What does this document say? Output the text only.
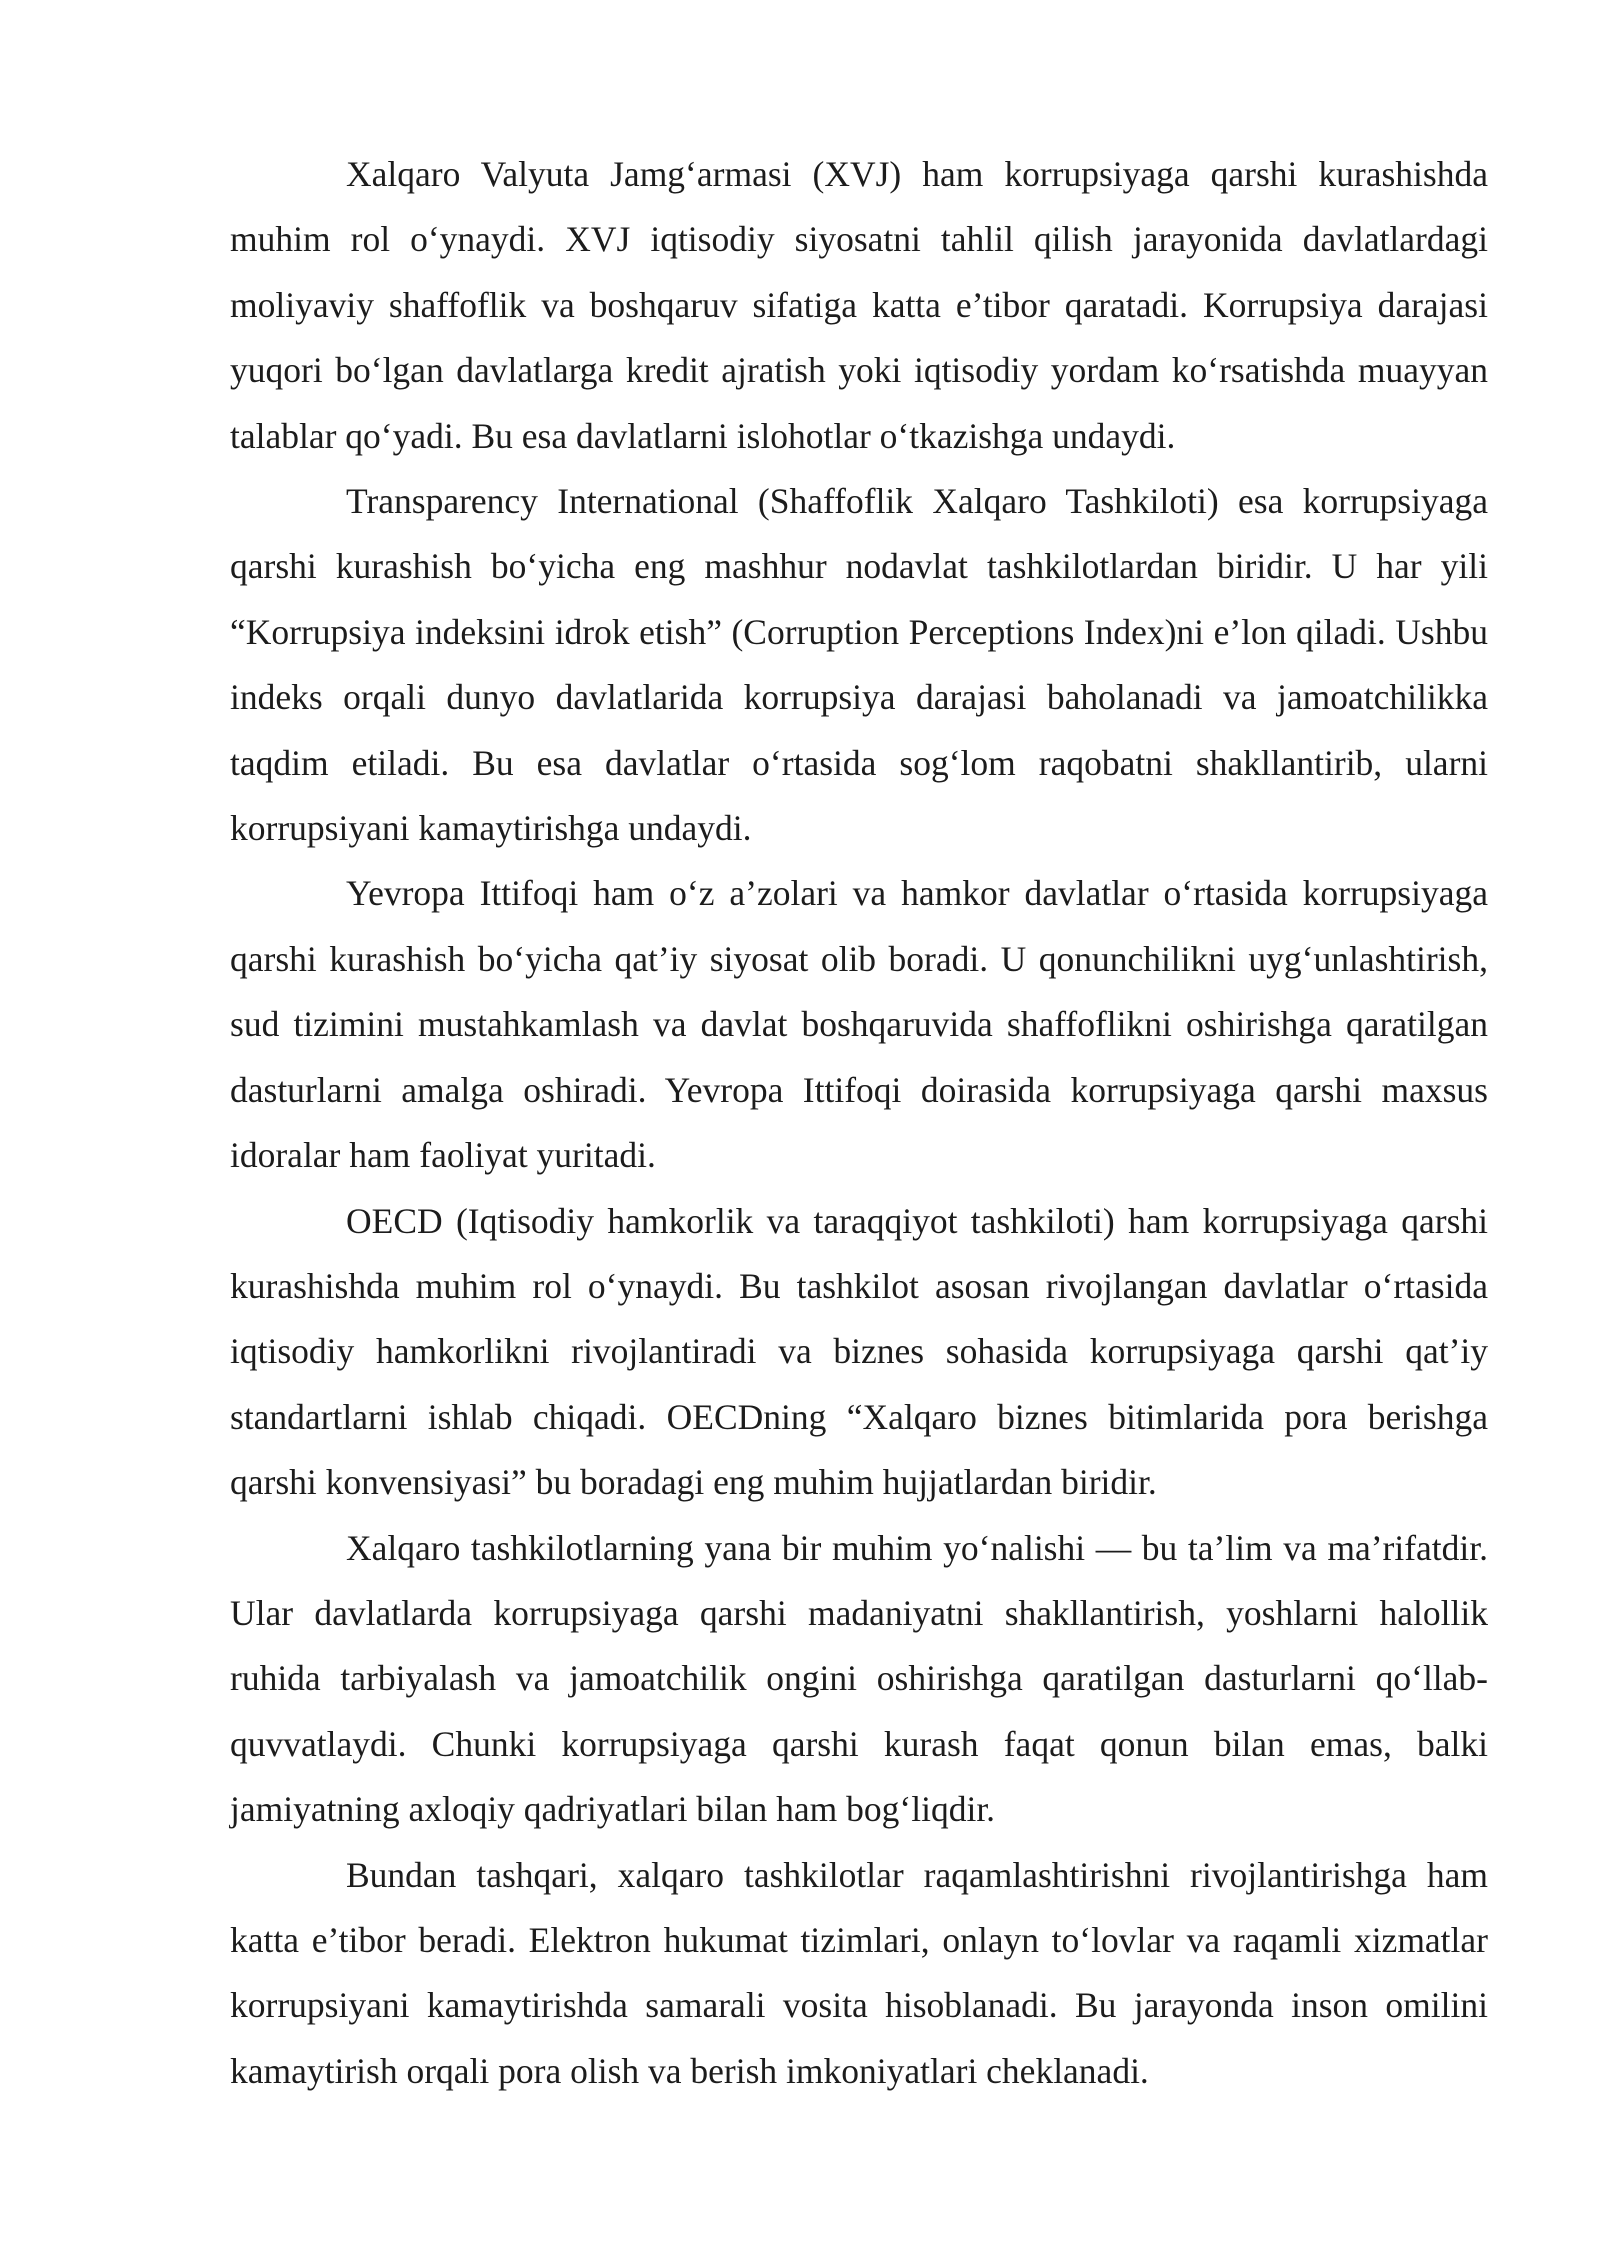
Xalqaro Valyuta Jamg‘armasi (XVJ) ham korrupsiyaga qarshi kurashishda muhim rol o‘ynaydi. XVJ iqtisodiy siyosatni tahlil qilish jarayonida davlatlardagi moliyaviy shaffoflik va boshqaruv sifatiga katta e’tibor qaratadi. Korrupsiya darajasi yuqori bo‘lgan davlatlarga kredit ajratish yoki iqtisodiy yordam ko‘rsatishda muayyan talablar qo‘yadi. Bu esa davlatlarni islohotlar o‘tkazishga undaydi.

Transparency International (Shaffoflik Xalqaro Tashkiloti) esa korrupsiyaga qarshi kurashish bo‘yicha eng mashhur nodavlat tashkilotlardan biridir. U har yili “Korrupsiya indeksini idrok etish” (Corruption Perceptions Index)ni e’lon qiladi. Ushbu indeks orqali dunyo davlatlarida korrupsiya darajasi baholanadi va jamoatchilikka taqdim etiladi. Bu esa davlatlar o‘rtasida sog‘lom raqobatni shakllantirib, ularni korrupsiyani kamaytirishga undaydi.

Yevropa Ittifoqi ham o‘z a’zolari va hamkor davlatlar o‘rtasida korrupsiyaga qarshi kurashish bo‘yicha qat’iy siyosat olib boradi. U qonunchilikni uyg‘unlashtirish, sud tizimini mustahkamlash va davlat boshqaruvida shaffoflikni oshirishga qaratilgan dasturlarni amalga oshiradi. Yevropa Ittifoqi doirasida korrupsiyaga qarshi maxsus idoralar ham faoliyat yuritadi.

OECD (Iqtisodiy hamkorlik va taraqqiyot tashkiloti) ham korrupsiyaga qarshi kurashishda muhim rol o‘ynaydi. Bu tashkilot asosan rivojlangan davlatlar o‘rtasida iqtisodiy hamkorlikni rivojlantiradi va biznes sohasida korrupsiyaga qarshi qat’iy standartlarni ishlab chiqadi. OECDning “Xalqaro biznes bitimlarida pora berishga qarshi konvensiyasi” bu boradagi eng muhim hujjatlardan biridir.

Xalqaro tashkilotlarning yana bir muhim yo‘nalishi — bu ta’lim va ma’rifatdir. Ular davlatlarda korrupsiyaga qarshi madaniyatni shakllantirish, yoshlarni halollik ruhida tarbiyalash va jamoatchilik ongini oshirishga qaratilgan dasturlarni qo‘llab-quvvatlaydi. Chunki korrupsiyaga qarshi kurash faqat qonun bilan emas, balki jamiyatning axloqiy qadriyatlari bilan ham bog‘liqdir.

Bundan tashqari, xalqaro tashkilotlar raqamlashtirishni rivojlantirishga ham katta e’tibor beradi. Elektron hukumat tizimlari, onlayn to‘lovlar va raqamli xizmatlar korrupsiyani kamaytirishda samarali vosita hisoblanadi. Bu jarayonda inson omilini kamaytirish orqali pora olish va berish imkoniyatlari cheklanadi.
